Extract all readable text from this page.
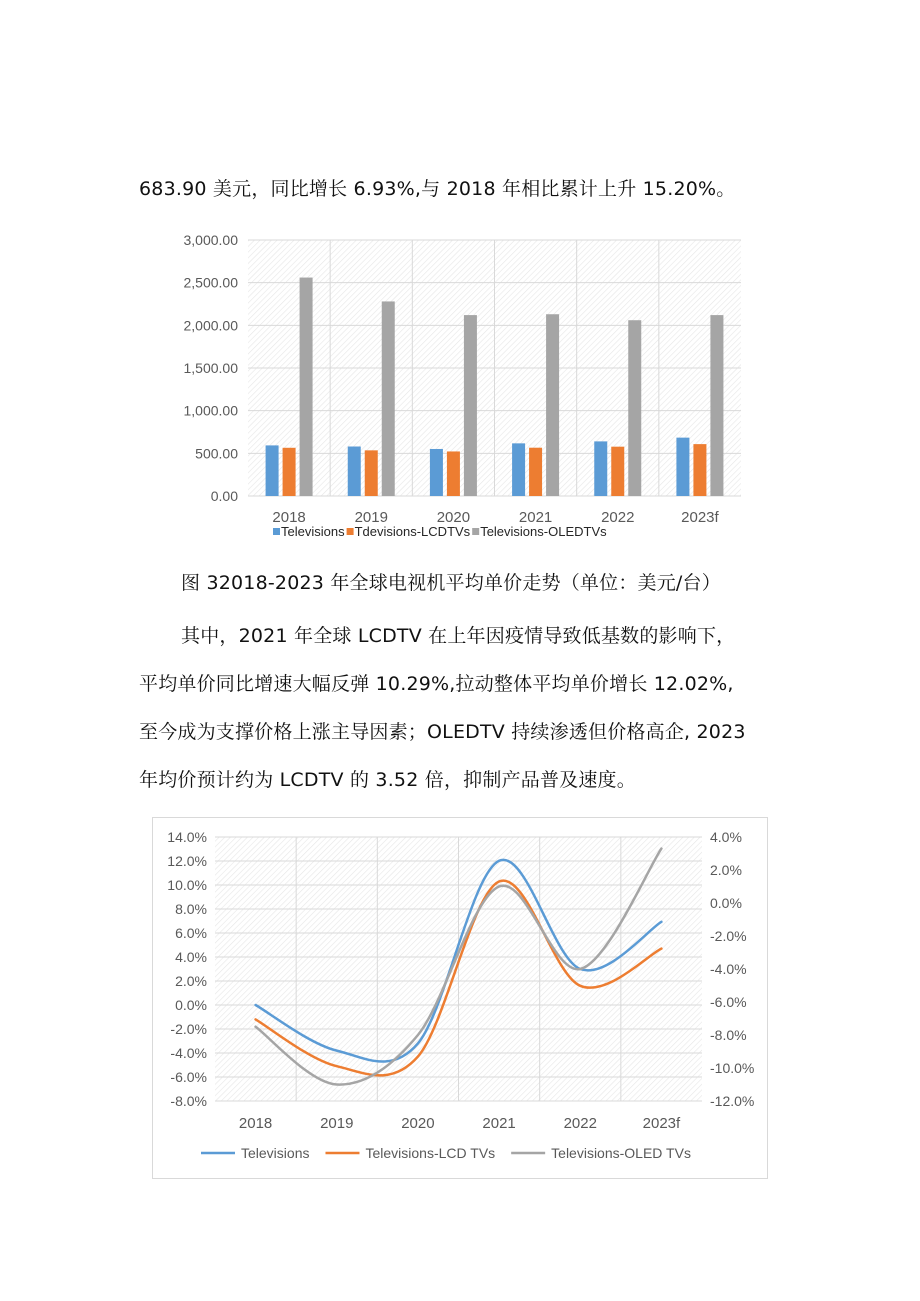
683.90 美元，同比增长 6.93%,与 2018 年相比累计上升 15.20%。
0.00
500.00
1,000.00
1,500.00
2,000.00
2,500.00
3,000.00
2018	2019	2020	2021	2022	2023f
Televisions Tdevisions-LCDTVs Televisions-OLEDTVs
图 32018-2023 年全球电视机平均单价走势（单位：美元/台）
其中，2021 年全球 LCDTV 在上年因疫情导致低基数的影响下，
平均单价同比增速大幅反弹 10.29%,拉动整体平均单价增长 12.02%,
至今成为支撑价格上涨主导因素；OLEDTV 持续渗透但价格高企, 2023
年均价预计约为 LCDTV 的 3.52 倍，抑制产品普及速度。
-8.0%
-6.0%
-4.0%
-2.0%
0.0%
2.0%
4.0%
6.0%
8.0%
10.0%
12.0%
14.0%
-12.0%
-10.0%
-8.0%
-6.0%
-4.0%
-2.0%
0.0%
2.0%
4.0%
2018	2019	2020	2021	2022	2023f
Televisions	Televisions-LCD TVs	Televisions-OLED TVs
